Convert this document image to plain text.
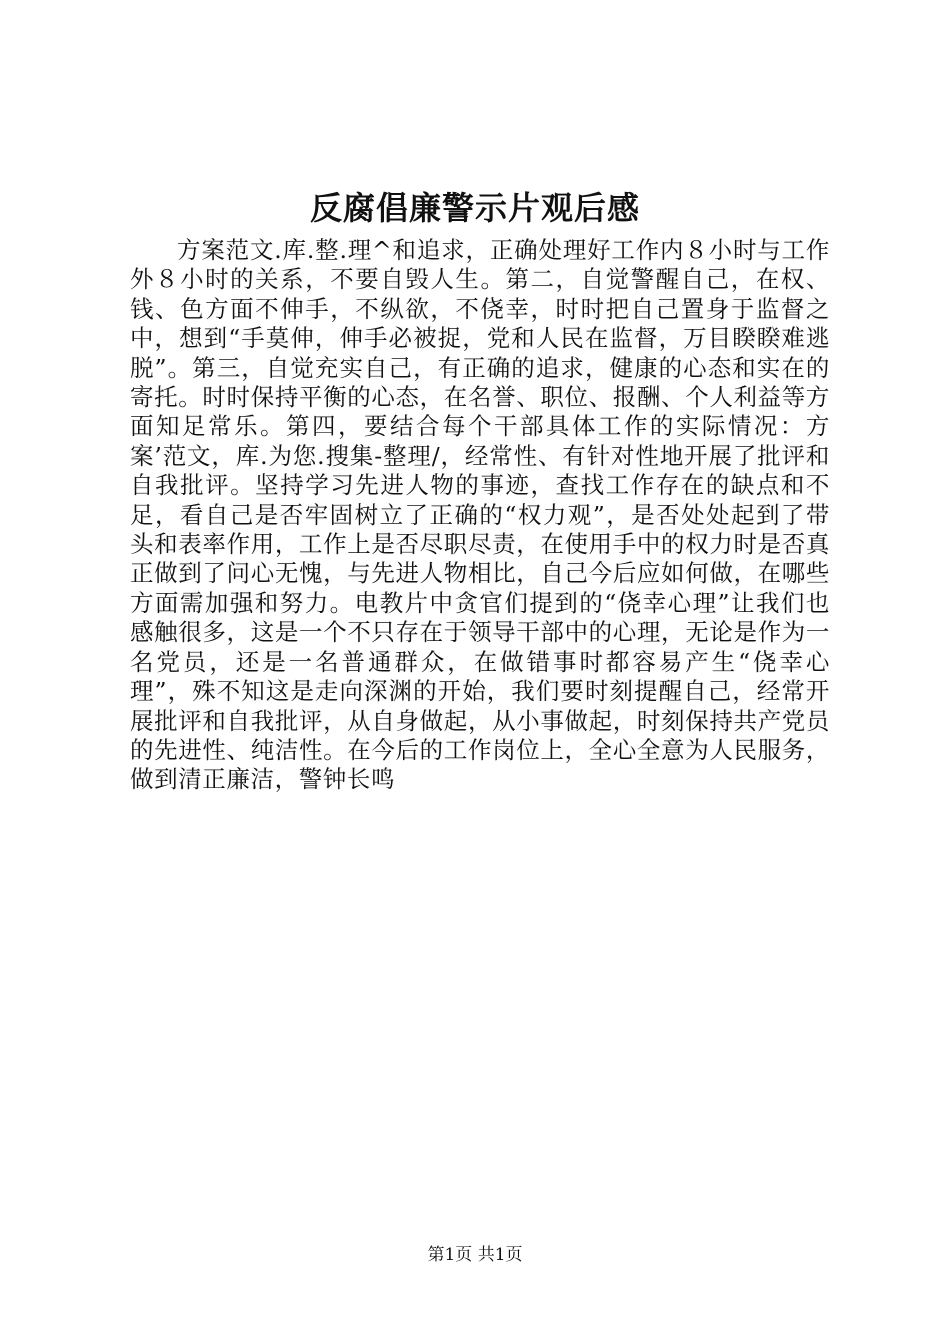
反腐倡廉警示片观后感

方案范文.库.整.理^和追求，正确处理好工作内８小时与工作外８小时的关系，不要自毁人生。第二，自觉警醒自己，在权、钱、色方面不伸手，不纵欲，不侥幸，时时把自己置身于监督之中，想到“手莫伸，伸手必被捉，党和人民在监督，万目睽睽难逃脱”。第三，自觉充实自己，有正确的追求，健康的心态和实在的寄托。时时保持平衡的心态，在名誉、职位、报酬、个人利益等方面知足常乐。第四，要结合每个干部具体工作的实际情况：方案’范文，库.为您.搜集-整理/，经常性、有针对性地开展了批评和自我批评。坚持学习先进人物的事迹，查找工作存在的缺点和不足，看自己是否牢固树立了正确的“权力观”，是否处处起到了带头和表率作用，工作上是否尽职尽责，在使用手中的权力时是否真正做到了问心无愧，与先进人物相比，自己今后应如何做，在哪些方面需加强和努力。电教片中贪官们提到的“侥幸心理”让我们也感触很多，这是一个不只存在于领导干部中的心理，无论是作为一名党员，还是一名普通群众，在做错事时都容易产生“侥幸心理”，殊不知这是走向深渊的开始，我们要时刻提醒自己，经常开展批评和自我批评，从自身做起，从小事做起，时刻保持共产党员的先进性、纯洁性。在今后的工作岗位上，全心全意为人民服务，做到清正廉洁，警钟长鸣

第1页 共1页
